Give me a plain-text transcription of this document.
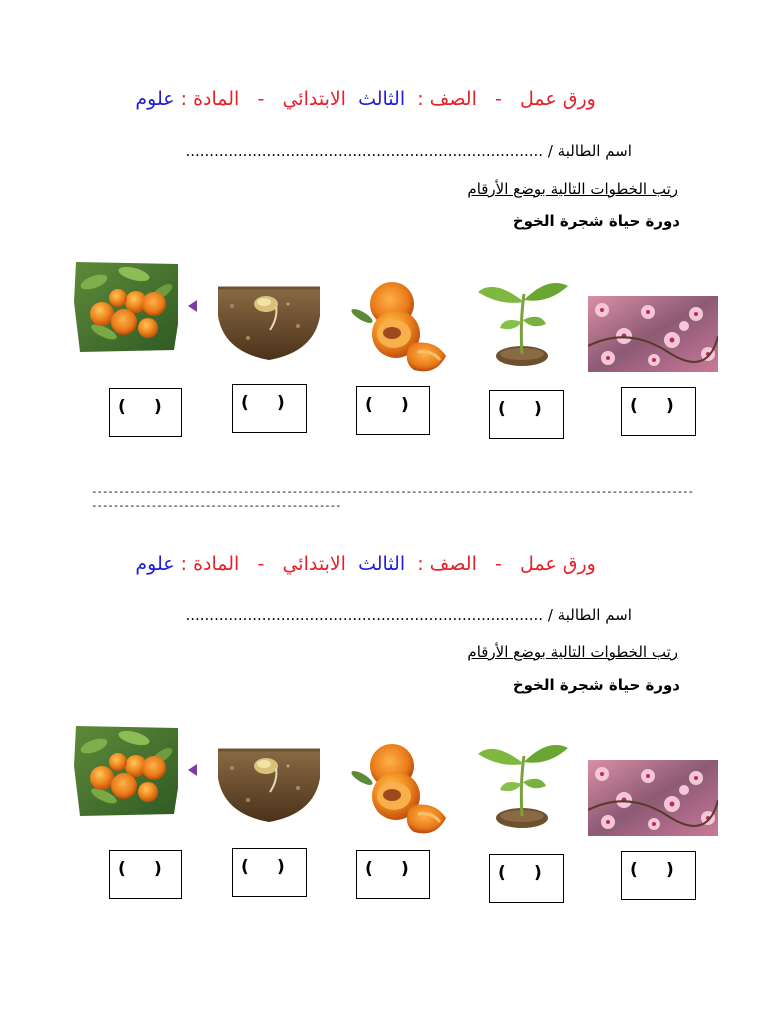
ورق عمل   -   الصف :  الثالث  الابتدائي   -   المادة : علوم

اسم الطالبة / ...........................................................................

رتب الخطوات التالية بوضع الأرقام
دورة حياة شجرة الخوخ
( )	( )	( )	( )	( )
-------------------------------------------------------------------------------------------------------------------------------------------------------------

ورق عمل   -   الصف :  الثالث  الابتدائي   -   المادة : علوم

اسم الطالبة / ...........................................................................

رتب الخطوات التالية بوضع الأرقام
دورة حياة شجرة الخوخ
( )	( )	( )	( )	( )
